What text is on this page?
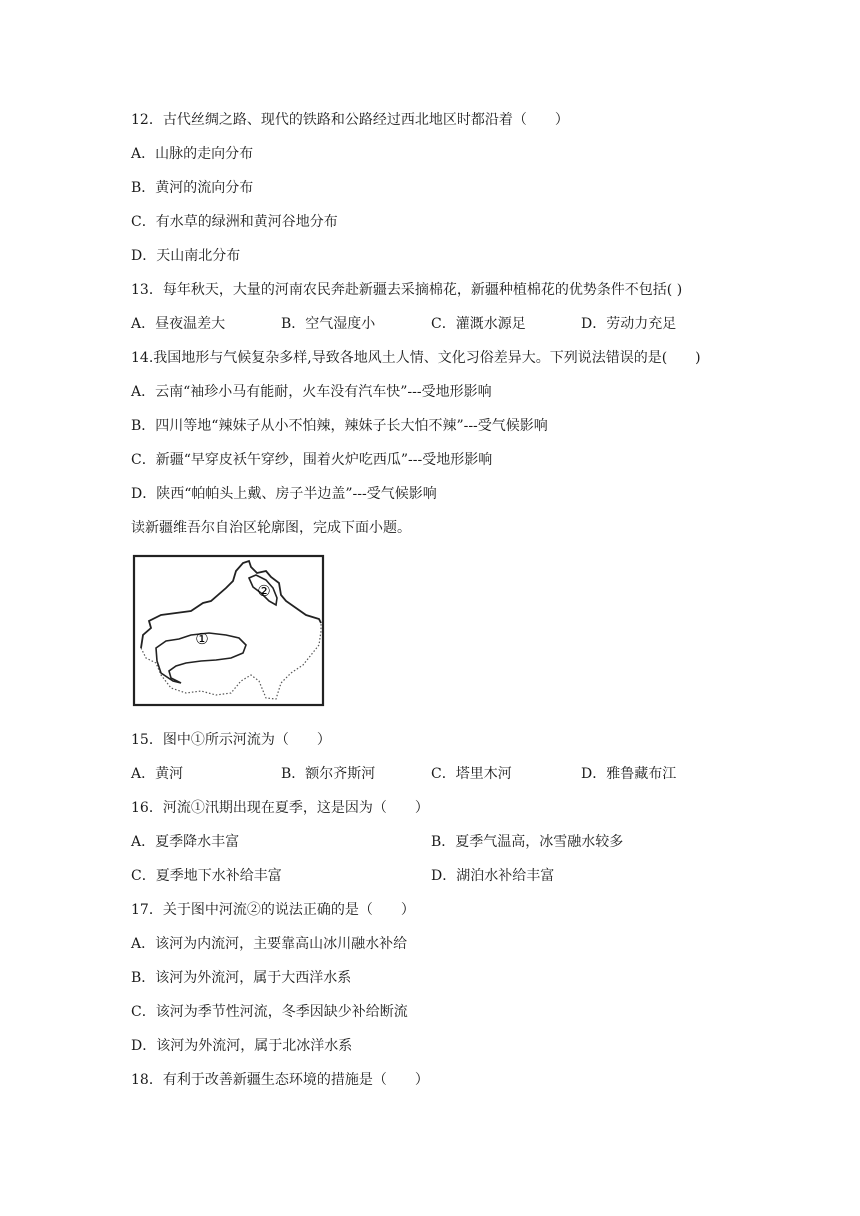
12．古代丝绸之路、现代的铁路和公路经过西北地区时都沿着（　　）
A．山脉的走向分布
B．黄河的流向分布
C．有水草的绿洲和黄河谷地分布
D．天山南北分布
13．每年秋天，大量的河南农民奔赴新疆去采摘棉花，新疆种植棉花的优势条件不包括( )
A．昼夜温差大	B．空气湿度小	C．灌溉水源足	D．劳动力充足
14.我国地形与气候复杂多样,导致各地风土人情、文化习俗差异大。下列说法错误的是(　　)
A．云南“袖珍小马有能耐，火车没有汽车快”---受地形影响
B．四川等地“辣妹子从小不怕辣，辣妹子长大怕不辣”---受气候影响
C．新疆“早穿皮袄午穿纱，围着火炉吃西瓜”---受地形影响
D．陕西“帕帕头上戴、房子半边盖”---受气候影响
读新疆维吾尔自治区轮廓图，完成下面小题。
①
②
15．图中①所示河流为（　　）
A．黄河	B．额尔齐斯河	C．塔里木河	D．雅鲁藏布江
16．河流①汛期出现在夏季，这是因为（　　）
A．夏季降水丰富	B．夏季气温高，冰雪融水较多
C．夏季地下水补给丰富	D．湖泊水补给丰富
17．关于图中河流②的说法正确的是（　　）
A．该河为内流河，主要靠高山冰川融水补给
B．该河为外流河，属于大西洋水系
C．该河为季节性河流，冬季因缺少补给断流
D．该河为外流河，属于北冰洋水系
18．有利于改善新疆生态环境的措施是（　　）
